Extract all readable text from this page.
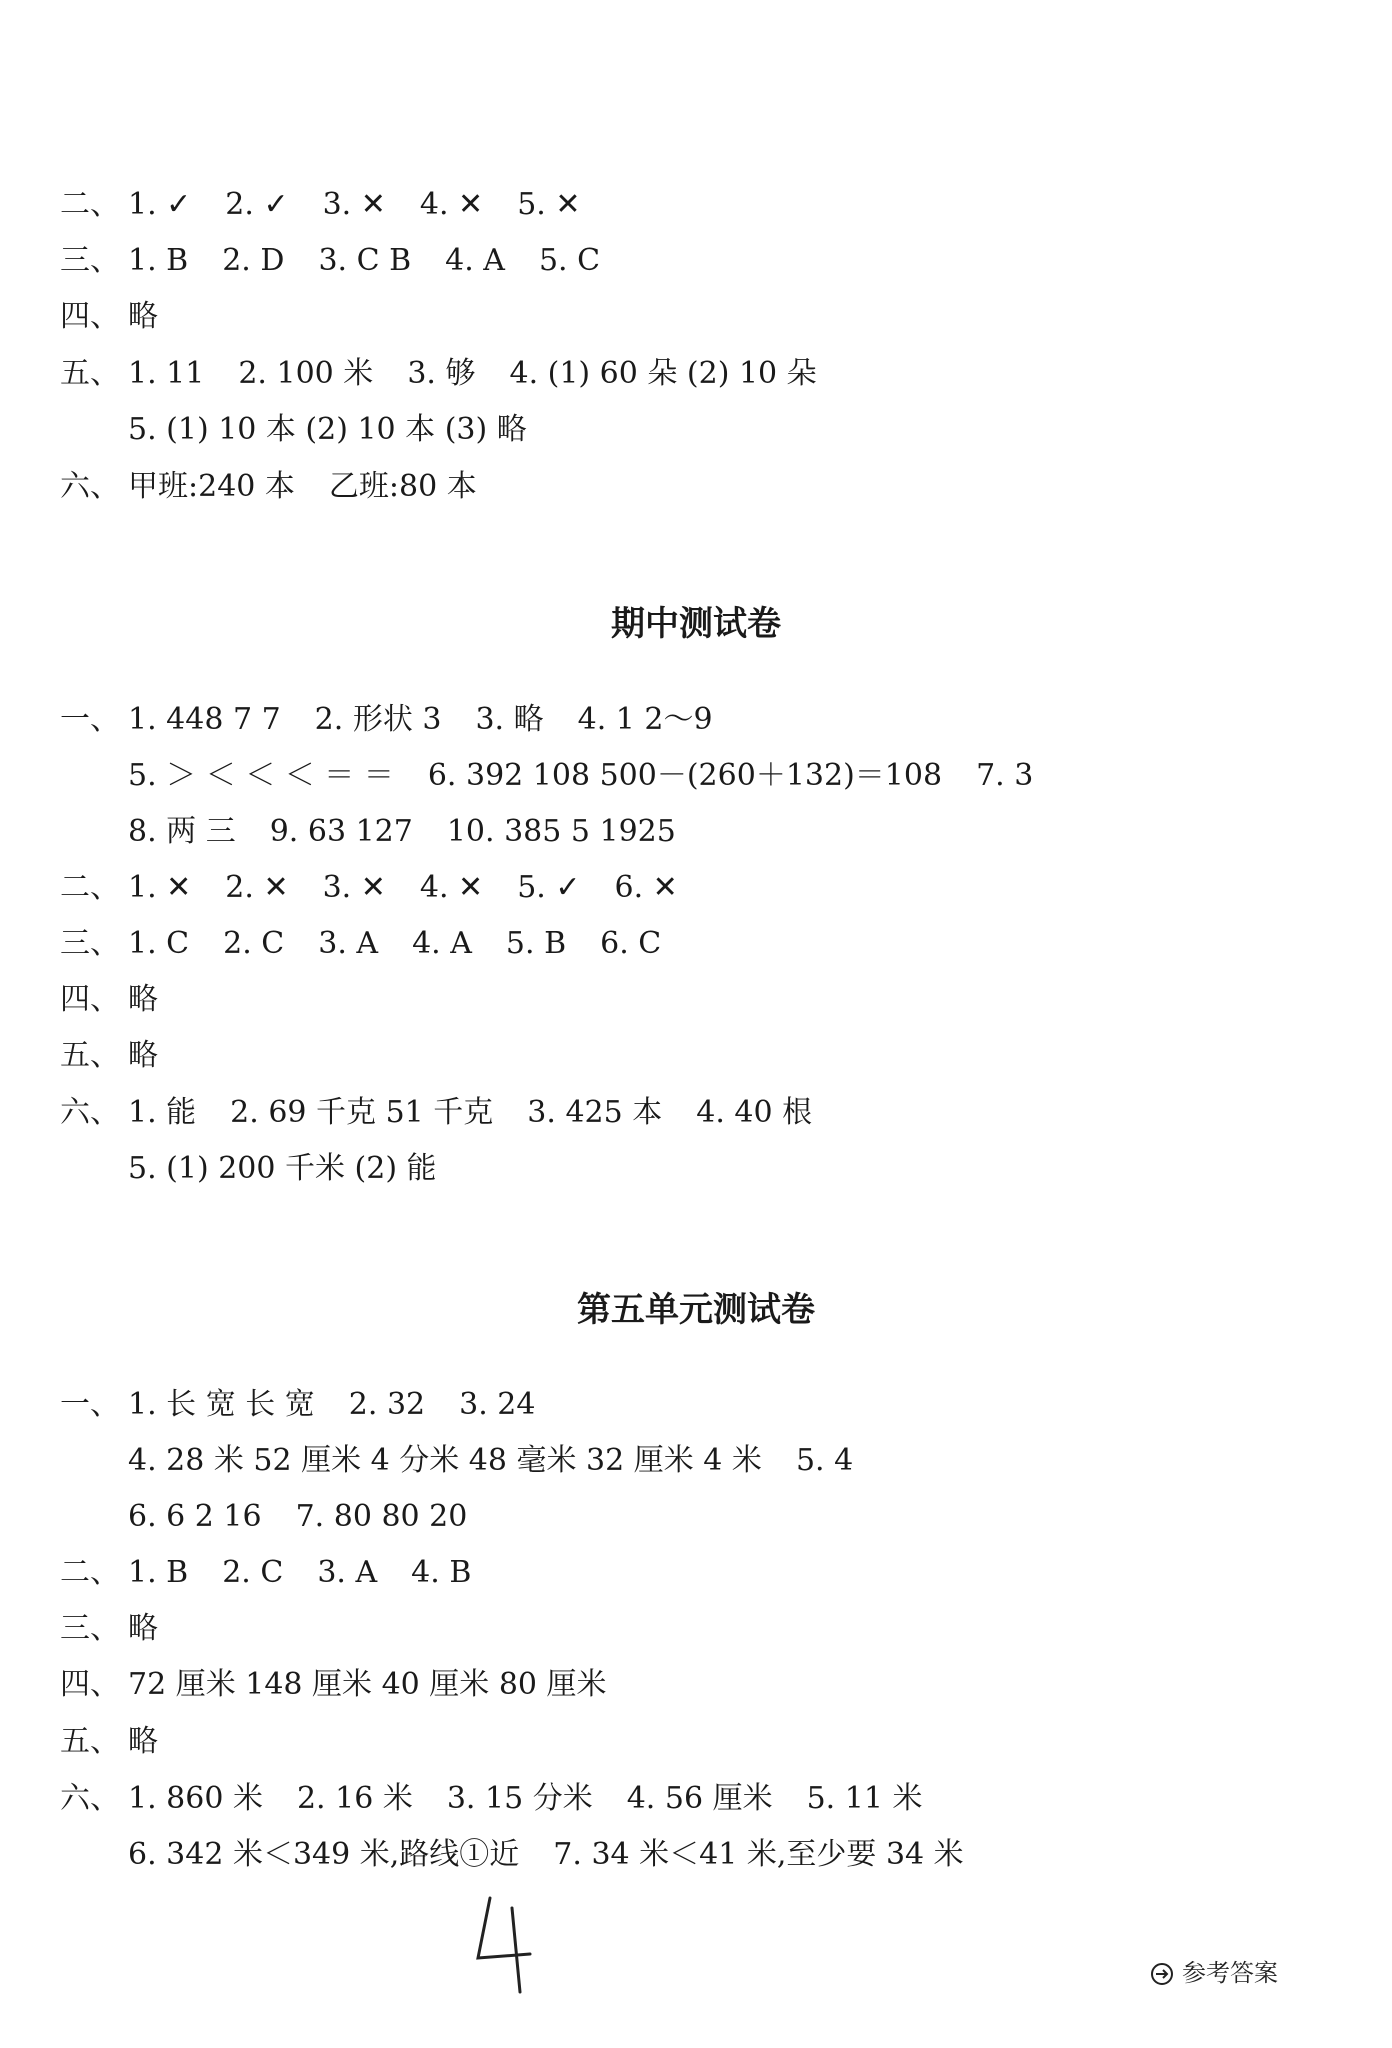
二、 1. ✓ 2. ✓ 3. ✕ 4. ✕ 5. ✕
三、 1. B 2. D 3. C B 4. A 5. C
四、 略
五、 1. 11 2. 100 米 3. 够 4. (1) 60 朵 (2) 10 朵
5. (1) 10 本 (2) 10 本 (3) 略
六、 甲班:240 本 乙班:80 本
期中测试卷
一、 1. 448 7 7 2. 形状 3 3. 略 4. 1 2～9
5. ＞ ＜ ＜ ＜ ＝ ＝ 6. 392 108 500－(260＋132)＝108 7. 3
8. 两 三 9. 63 127 10. 385 5 1925
二、 1. ✕ 2. ✕ 3. ✕ 4. ✕ 5. ✓ 6. ✕
三、 1. C 2. C 3. A 4. A 5. B 6. C
四、 略
五、 略
六、 1. 能 2. 69 千克 51 千克 3. 425 本 4. 40 根
5. (1) 200 千米 (2) 能
第五单元测试卷
一、 1. 长 宽 长 宽 2. 32 3. 24
4. 28 米 52 厘米 4 分米 48 毫米 32 厘米 4 米 5. 4
6. 6 2 16 7. 80 80 20
二、 1. B 2. C 3. A 4. B
三、 略
四、 72 厘米 148 厘米 40 厘米 80 厘米
五、 略
六、 1. 860 米 2. 16 米 3. 15 分米 4. 56 厘米 5. 11 米
6. 342 米＜349 米,路线①近 7. 34 米＜41 米,至少要 34 米
参考答案
